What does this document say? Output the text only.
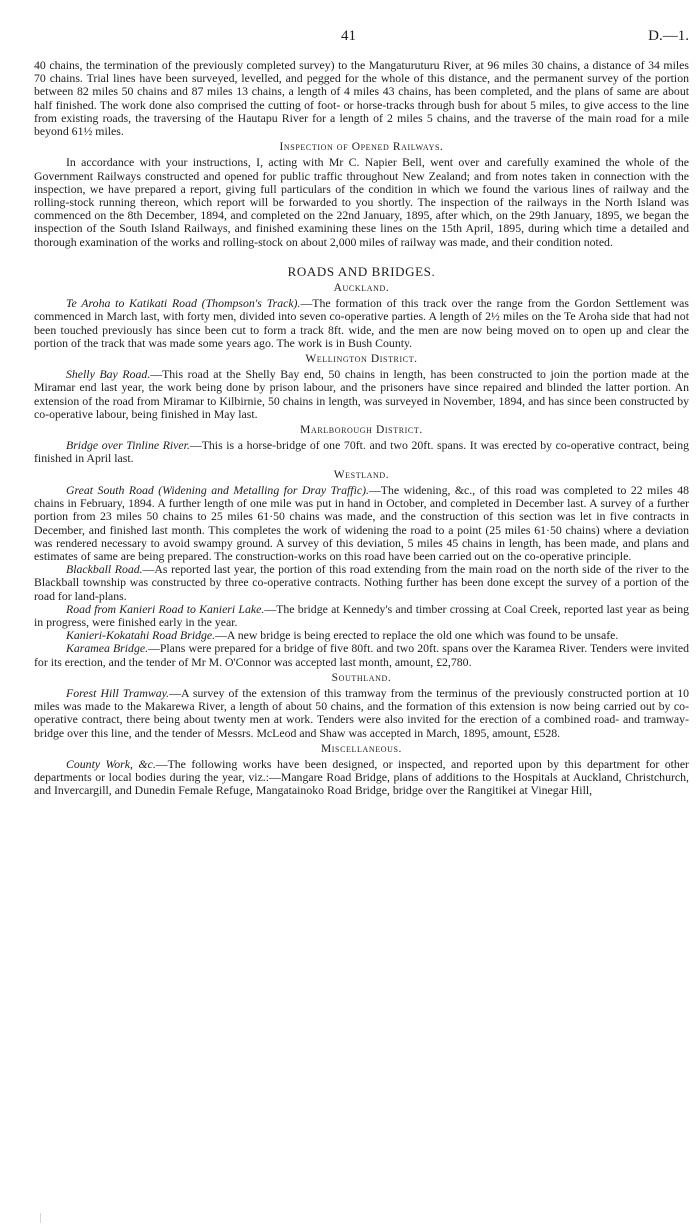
41	D.—1.

40 chains, the termination of the previously completed survey) to the Mangaturuturu River, at 96 miles 30 chains, a distance of 34 miles 70 chains. Trial lines have been surveyed, levelled, and pegged for the whole of this distance, and the permanent survey of the portion between 82 miles 50 chains and 87 miles 13 chains, a length of 4 miles 43 chains, has been completed, and the plans of same are about half finished. The work done also comprised the cutting of foot- or horse-tracks through bush for about 5 miles, to give access to the line from existing roads, the traversing of the Hautapu River for a length of 2 miles 5 chains, and the traverse of the main road for a mile beyond 61½ miles.

Inspection of Opened Railways.

In accordance with your instructions, I, acting with Mr C. Napier Bell, went over and carefully examined the whole of the Government Railways constructed and opened for public traffic throughout New Zealand; and from notes taken in connection with the inspection, we have prepared a report, giving full particulars of the condition in which we found the various lines of railway and the rolling-stock running thereon, which report will be forwarded to you shortly. The inspection of the railways in the North Island was commenced on the 8th December, 1894, and completed on the 22nd January, 1895, after which, on the 29th January, 1895, we began the inspection of the South Island Railways, and finished examining these lines on the 15th April, 1895, during which time a detailed and thorough examination of the works and rolling-stock on about 2,000 miles of railway was made, and their condition noted.

ROADS AND BRIDGES.
Auckland.

Te Aroha to Katikati Road (Thompson's Track).—The formation of this track over the range from the Gordon Settlement was commenced in March last, with forty men, divided into seven co-operative parties. A length of 2½ miles on the Te Aroha side that had not been touched previously has since been cut to form a track 8ft. wide, and the men are now being moved on to open up and clear the portion of the track that was made some years ago. The work is in Bush County.

Wellington District.

Shelly Bay Road.—This road at the Shelly Bay end, 50 chains in length, has been constructed to join the portion made at the Miramar end last year, the work being done by prison labour, and the prisoners have since repaired and blinded the latter portion. An extension of the road from Miramar to Kilbirnie, 50 chains in length, was surveyed in November, 1894, and has since been constructed by co-operative labour, being finished in May last.

Marlborough District.

Bridge over Tinline River.—This is a horse-bridge of one 70ft. and two 20ft. spans. It was erected by co-operative contract, being finished in April last.

Westland.

Great South Road (Widening and Metalling for Dray Traffic).—The widening, &c., of this road was completed to 22 miles 48 chains in February, 1894. A further length of one mile was put in hand in October, and completed in December last. A survey of a further portion from 23 miles 50 chains to 25 miles 61·50 chains was made, and the construction of this section was let in five contracts in December, and finished last month. This completes the work of widening the road to a point (25 miles 61·50 chains) where a deviation was rendered necessary to avoid swampy ground. A survey of this deviation, 5 miles 45 chains in length, has been made, and plans and estimates of same are being prepared. The construction-works on this road have been carried out on the co-operative principle.

Blackball Road.—As reported last year, the portion of this road extending from the main road on the north side of the river to the Blackball township was constructed by three co-operative contracts. Nothing further has been done except the survey of a portion of the road for land-plans.

Road from Kanieri Road to Kanieri Lake.—The bridge at Kennedy's and timber crossing at Coal Creek, reported last year as being in progress, were finished early in the year.

Kanieri-Kokatahi Road Bridge.—A new bridge is being erected to replace the old one which was found to be unsafe.

Karamea Bridge.—Plans were prepared for a bridge of five 80ft. and two 20ft. spans over the Karamea River. Tenders were invited for its erection, and the tender of Mr M. O'Connor was accepted last month, amount, £2,780.

Southland.

Forest Hill Tramway.—A survey of the extension of this tramway from the terminus of the previously constructed portion at 10 miles was made to the Makarewa River, a length of about 50 chains, and the formation of this extension is now being carried out by co-operative contract, there being about twenty men at work. Tenders were also invited for the erection of a combined road- and tramway-bridge over this line, and the tender of Messrs. McLeod and Shaw was accepted in March, 1895, amount, £528.

Miscellaneous.

County Work, &c.—The following works have been designed, or inspected, and reported upon by this department for other departments or local bodies during the year, viz.:—Mangare Road Bridge, plans of additions to the Hospitals at Auckland, Christchurch, and Invercargill, and Dunedin Female Refuge, Mangatainoko Road Bridge, bridge over the Rangitikei at Vinegar Hill,
